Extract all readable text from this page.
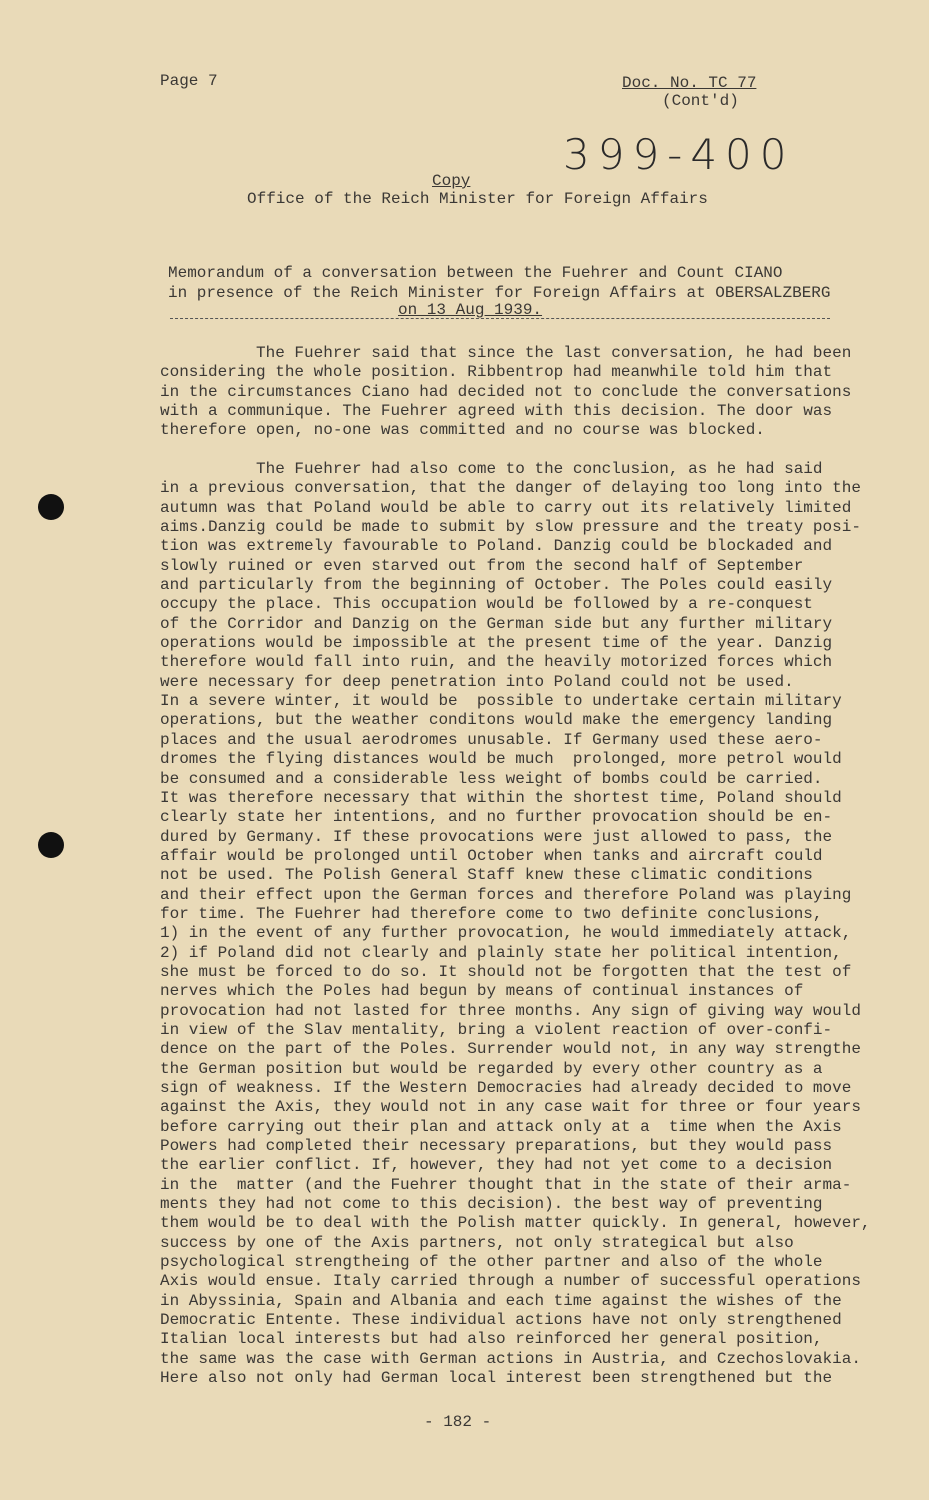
Page 7	Doc. No. TC 77
(Cont'd)
399-400
Copy
Office of the Reich Minister for Foreign Affairs
Memorandum of a conversation between the Fuehrer and Count CIANO
in presence of the Reich Minister for Foreign Affairs at OBERSALZBERG
on 13 Aug 1939.
The Fuehrer said that since the last conversation, he had been
considering the whole position. Ribbentrop had meanwhile told him that
in the circumstances Ciano had decided not to conclude the conversations
with a communique. The Fuehrer agreed with this decision. The door was
therefore open, no-one was committed and no course was blocked.
The Fuehrer had also come to the conclusion, as he had said
in a previous conversation, that the danger of delaying too long into the
autumn was that Poland would be able to carry out its relatively limited
aims.Danzig could be made to submit by slow pressure and the treaty posi-
tion was extremely favourable to Poland. Danzig could be blockaded and
slowly ruined or even starved out from the second half of September
and particularly from the beginning of October. The Poles could easily
occupy the place. This occupation would be followed by a re-conquest
of the Corridor and Danzig on the German side but any further military
operations would be impossible at the present time of the year. Danzig
therefore would fall into ruin, and the heavily motorized forces which
were necessary for deep penetration into Poland could not be used.
In a severe winter, it would be  possible to undertake certain military
operations, but the weather conditons would make the emergency landing
places and the usual aerodromes unusable. If Germany used these aero-
dromes the flying distances would be much  prolonged, more petrol would
be consumed and a considerable less weight of bombs could be carried.
It was therefore necessary that within the shortest time, Poland should
clearly state her intentions, and no further provocation should be en-
dured by Germany. If these provocations were just allowed to pass, the
affair would be prolonged until October when tanks and aircraft could
not be used. The Polish General Staff knew these climatic conditions
and their effect upon the German forces and therefore Poland was playing
for time. The Fuehrer had therefore come to two definite conclusions,
1) in the event of any further provocation, he would immediately attack,
2) if Poland did not clearly and plainly state her political intention,
she must be forced to do so. It should not be forgotten that the test of
nerves which the Poles had begun by means of continual instances of
provocation had not lasted for three months. Any sign of giving way would
in view of the Slav mentality, bring a violent reaction of over-confi-
dence on the part of the Poles. Surrender would not, in any way strengthe
the German position but would be regarded by every other country as a
sign of weakness. If the Western Democracies had already decided to move
against the Axis, they would not in any case wait for three or four years
before carrying out their plan and attack only at a  time when the Axis
Powers had completed their necessary preparations, but they would pass
the earlier conflict. If, however, they had not yet come to a decision
in the  matter (and the Fuehrer thought that in the state of their arma-
ments they had not come to this decision). the best way of preventing
them would be to deal with the Polish matter quickly. In general, however,
success by one of the Axis partners, not only strategical but also
psychological strengtheing of the other partner and also of the whole
Axis would ensue. Italy carried through a number of successful operations
in Abyssinia, Spain and Albania and each time against the wishes of the
Democratic Entente. These individual actions have not only strengthened
Italian local interests but had also reinforced her general position,
the same was the case with German actions in Austria, and Czechoslovakia.
Here also not only had German local interest been strengthened but the
- 182 -
